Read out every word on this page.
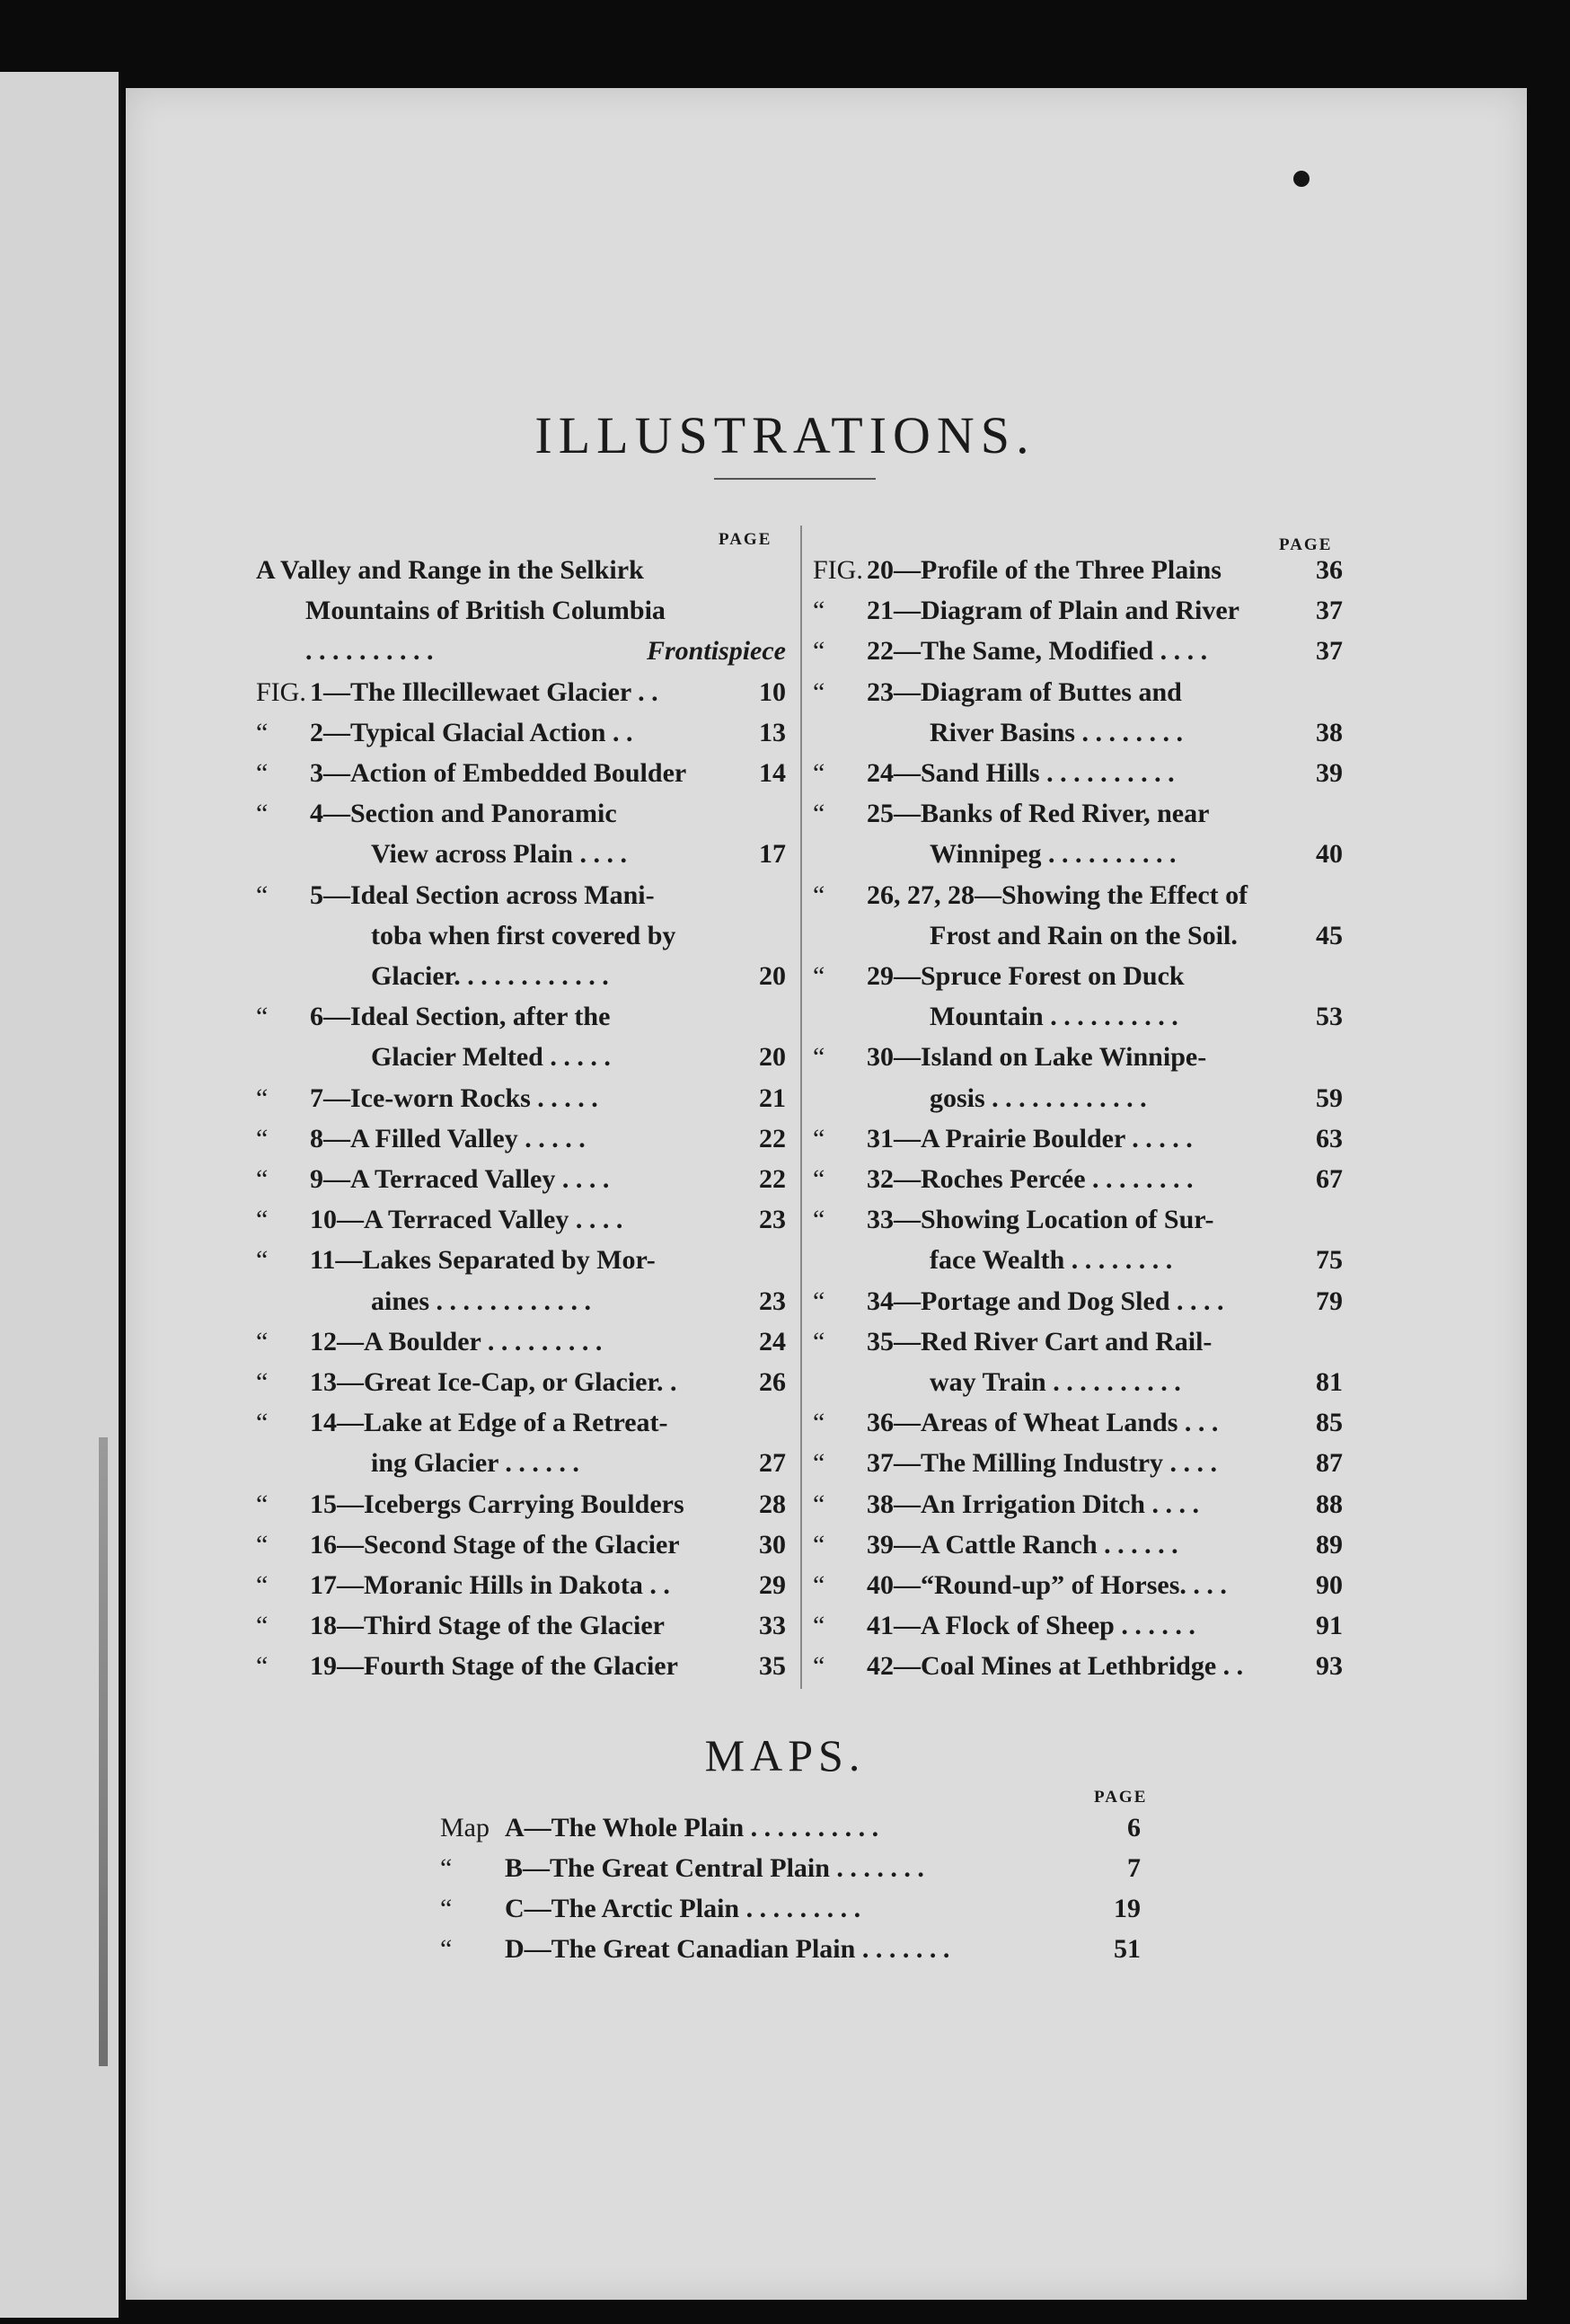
ILLUSTRATIONS.
PAGE	PAGE
A Valley and Range in the Selkirk
Mountains of British Columbia
. . . . . . . . . .	Frontispiece
FIG. 1—The Illecillewaet Glacier . .	10
“ 2—Typical Glacial Action . .	13
“ 3—Action of Embedded Boulder	14
“ 4—Section and Panoramic
View across Plain . . . .	17
“ 5—Ideal Section across Mani-
toba when first covered by
Glacier. . . . . . . . . . . .	20
“ 6—Ideal Section, after the
Glacier Melted . . . . .	20
“ 7—Ice-worn Rocks . . . . .	21
“ 8—A Filled Valley . . . . .	22
“ 9—A Terraced Valley . . . .	22
“ 10—A Terraced Valley . . . .	23
“ 11—Lakes Separated by Mor-
aines . . . . . . . . . . . .	23
“ 12—A Boulder . . . . . . . . .	24
“ 13—Great Ice-Cap, or Glacier. .	26
“ 14—Lake at Edge of a Retreat-
ing Glacier . . . . . .	27
“ 15—Icebergs Carrying Boulders	28
“ 16—Second Stage of the Glacier	30
“ 17—Moranic Hills in Dakota . .	29
“ 18—Third Stage of the Glacier	33
“ 19—Fourth Stage of the Glacier	35
FIG. 20—Profile of the Three Plains	36
“ 21—Diagram of Plain and River	37
“ 22—The Same, Modified . . . .	37
“ 23—Diagram of Buttes and
River Basins . . . . . . . .	38
“ 24—Sand Hills . . . . . . . . . .	39
“ 25—Banks of Red River, near
Winnipeg . . . . . . . . . .	40
“ 26, 27, 28—Showing the Effect of
Frost and Rain on the Soil.	45
“ 29—Spruce Forest on Duck
Mountain . . . . . . . . . .	53
“ 30—Island on Lake Winnipe-
gosis . . . . . . . . . . . .	59
“ 31—A Prairie Boulder . . . . .	63
“ 32—Roches Percée . . . . . . . .	67
“ 33—Showing Location of Sur-
face Wealth . . . . . . . .	75
“ 34—Portage and Dog Sled . . . .	79
“ 35—Red River Cart and Rail-
way Train . . . . . . . . . .	81
“ 36—Areas of Wheat Lands . . .	85
“ 37—The Milling Industry . . . .	87
“ 38—An Irrigation Ditch . . . .	88
“ 39—A Cattle Ranch . . . . . .	89
“ 40—“Round-up” of Horses. . . .	90
“ 41—A Flock of Sheep . . . . . .	91
“ 42—Coal Mines at Lethbridge . .	93
MAPS.
PAGE
Map A—The Whole Plain . . . . . . . . . .	6
“ B—The Great Central Plain . . . . . . .	7
“ C—The Arctic Plain . . . . . . . . .	19
“ D—The Great Canadian Plain . . . . . . .	51
